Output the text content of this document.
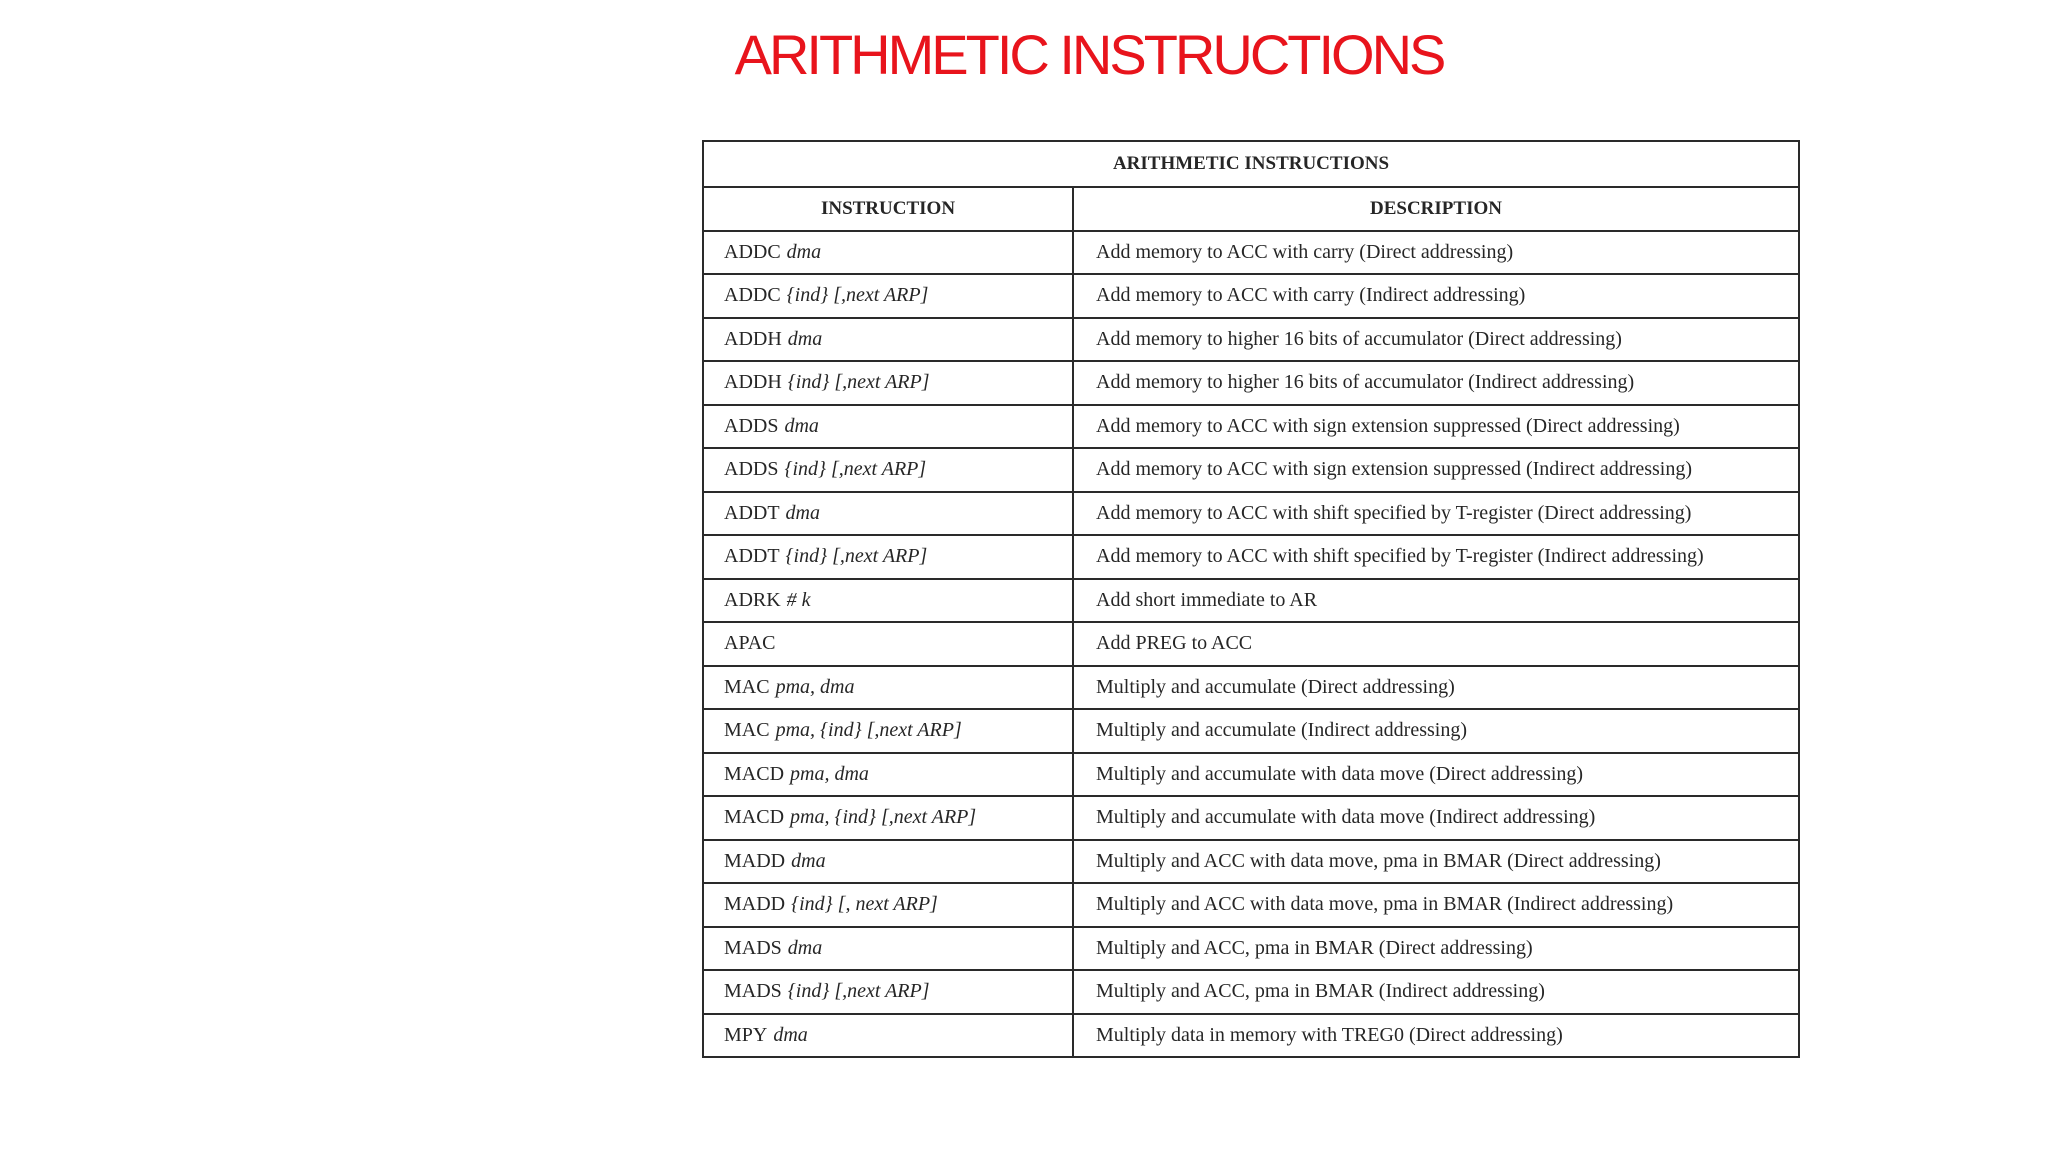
ARITHMETIC INSTRUCTIONS
ARITHMETIC INSTRUCTIONS	
INSTRUCTION	DESCRIPTION
ADDC dma	Add memory to ACC with carry (Direct addressing)
ADDC {ind} [,next ARP]	Add memory to ACC with carry (Indirect addressing)
ADDH dma	Add memory to higher 16 bits of accumulator (Direct addressing)
ADDH {ind} [,next ARP]	Add memory to higher 16 bits of accumulator (Indirect addressing)
ADDS dma	Add memory to ACC with sign extension suppressed (Direct addressing)
ADDS {ind} [,next ARP]	Add memory to ACC with sign extension suppressed (Indirect addressing)
ADDT dma	Add memory to ACC with shift specified by T-register (Direct addressing)
ADDT {ind} [,next ARP]	Add memory to ACC with shift specified by T-register (Indirect addressing)
ADRK # k	Add short immediate to AR
APAC	Add PREG to ACC
MAC pma, dma	Multiply and accumulate (Direct addressing)
MAC pma, {ind} [,next ARP]	Multiply and accumulate (Indirect addressing)
MACD pma, dma	Multiply and accumulate with data move (Direct addressing)
MACD pma, {ind} [,next ARP]	Multiply and accumulate with data move (Indirect addressing)
MADD dma	Multiply and ACC with data move, pma in BMAR (Direct addressing)
MADD {ind} [, next ARP]	Multiply and ACC with data move, pma in BMAR (Indirect addressing)
MADS dma	Multiply and ACC, pma in BMAR (Direct addressing)
MADS {ind} [,next ARP]	Multiply and ACC, pma in BMAR (Indirect addressing)
MPY dma	Multiply data in memory with TREG0 (Direct addressing)
